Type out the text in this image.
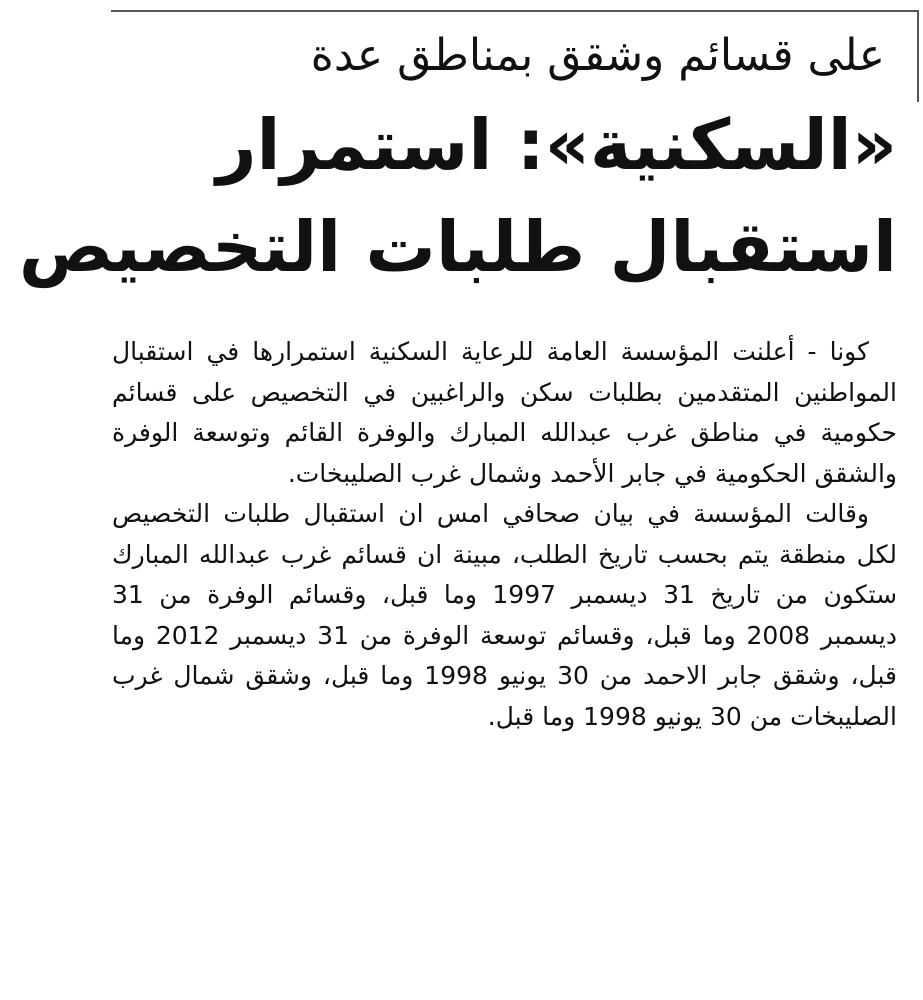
على قسائم وشقق بمناطق عدة
«السكنية»: استمرار
استقبال طلبات التخصيص

كونا - أعلنت المؤسسة العامة للرعاية السكنية استمرارها في استقبال المواطنين المتقدمين بطلبات سكن والراغبين في التخصيص على قسائم حكومية في مناطق غرب عبدالله المبارك والوفرة القائم وتوسعة الوفرة والشقق الحكومية في جابر الأحمد وشمال غرب الصليبخات.

وقالت المؤسسة في بيان صحافي امس ان استقبال طلبات التخصيص لكل منطقة يتم بحسب تاريخ الطلب، مبينة ان قسائم غرب عبدالله المبارك ستكون من تاريخ 31 ديسمبر 1997 وما قبل، وقسائم الوفرة من 31 ديسمبر 2008 وما قبل، وقسائم توسعة الوفرة من 31 ديسمبر 2012 وما قبل، وشقق جابر الاحمد من 30 يونيو 1998 وما قبل، وشقق شمال غرب الصليبخات من 30 يونيو 1998 وما قبل.
